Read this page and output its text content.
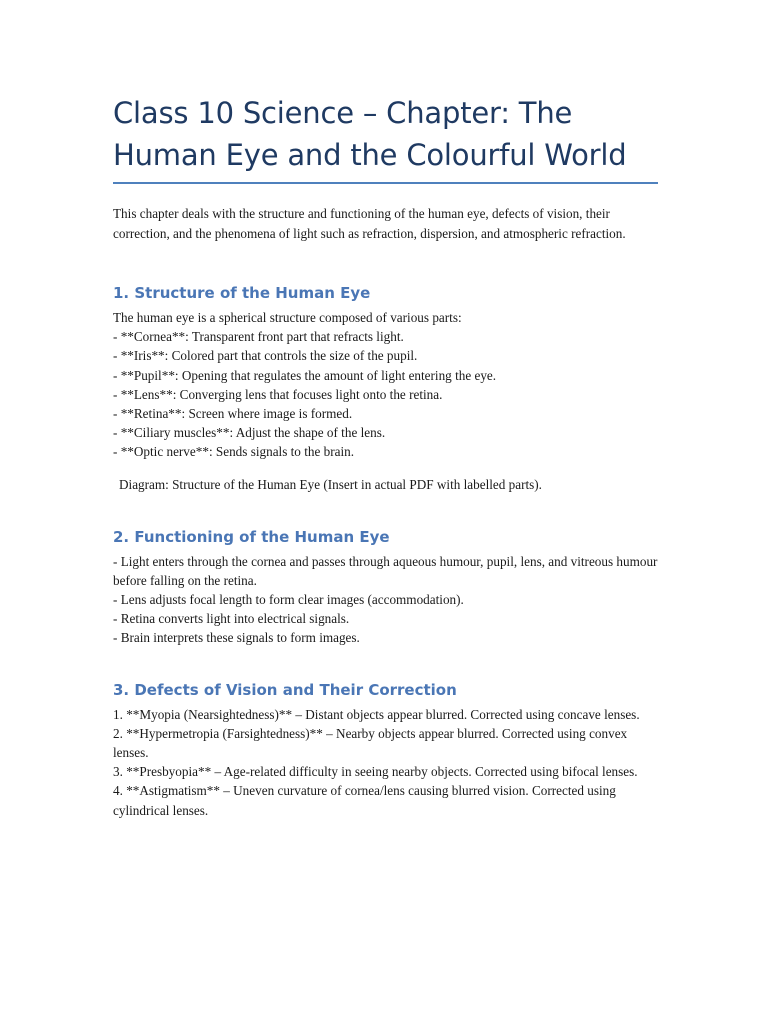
Class 10 Science – Chapter: The Human Eye and the Colourful World

This chapter deals with the structure and functioning of the human eye, defects of vision, their correction, and the phenomena of light such as refraction, dispersion, and atmospheric refraction.

1. Structure of the Human Eye
The human eye is a spherical structure composed of various parts:
- **Cornea**: Transparent front part that refracts light.
- **Iris**: Colored part that controls the size of the pupil.
- **Pupil**: Opening that regulates the amount of light entering the eye.
- **Lens**: Converging lens that focuses light onto the retina.
- **Retina**: Screen where image is formed.
- **Ciliary muscles**: Adjust the shape of the lens.
- **Optic nerve**: Sends signals to the brain.

Diagram: Structure of the Human Eye (Insert in actual PDF with labelled parts).

2. Functioning of the Human Eye
- Light enters through the cornea and passes through aqueous humour, pupil, lens, and vitreous humour before falling on the retina.
- Lens adjusts focal length to form clear images (accommodation).
- Retina converts light into electrical signals.
- Brain interprets these signals to form images.
3. Defects of Vision and Their Correction
1. **Myopia (Nearsightedness)** – Distant objects appear blurred. Corrected using concave lenses.
2. **Hypermetropia (Farsightedness)** – Nearby objects appear blurred. Corrected using convex lenses.
3. **Presbyopia** – Age-related difficulty in seeing nearby objects. Corrected using bifocal lenses.
4. **Astigmatism** – Uneven curvature of cornea/lens causing blurred vision. Corrected using cylindrical lenses.
